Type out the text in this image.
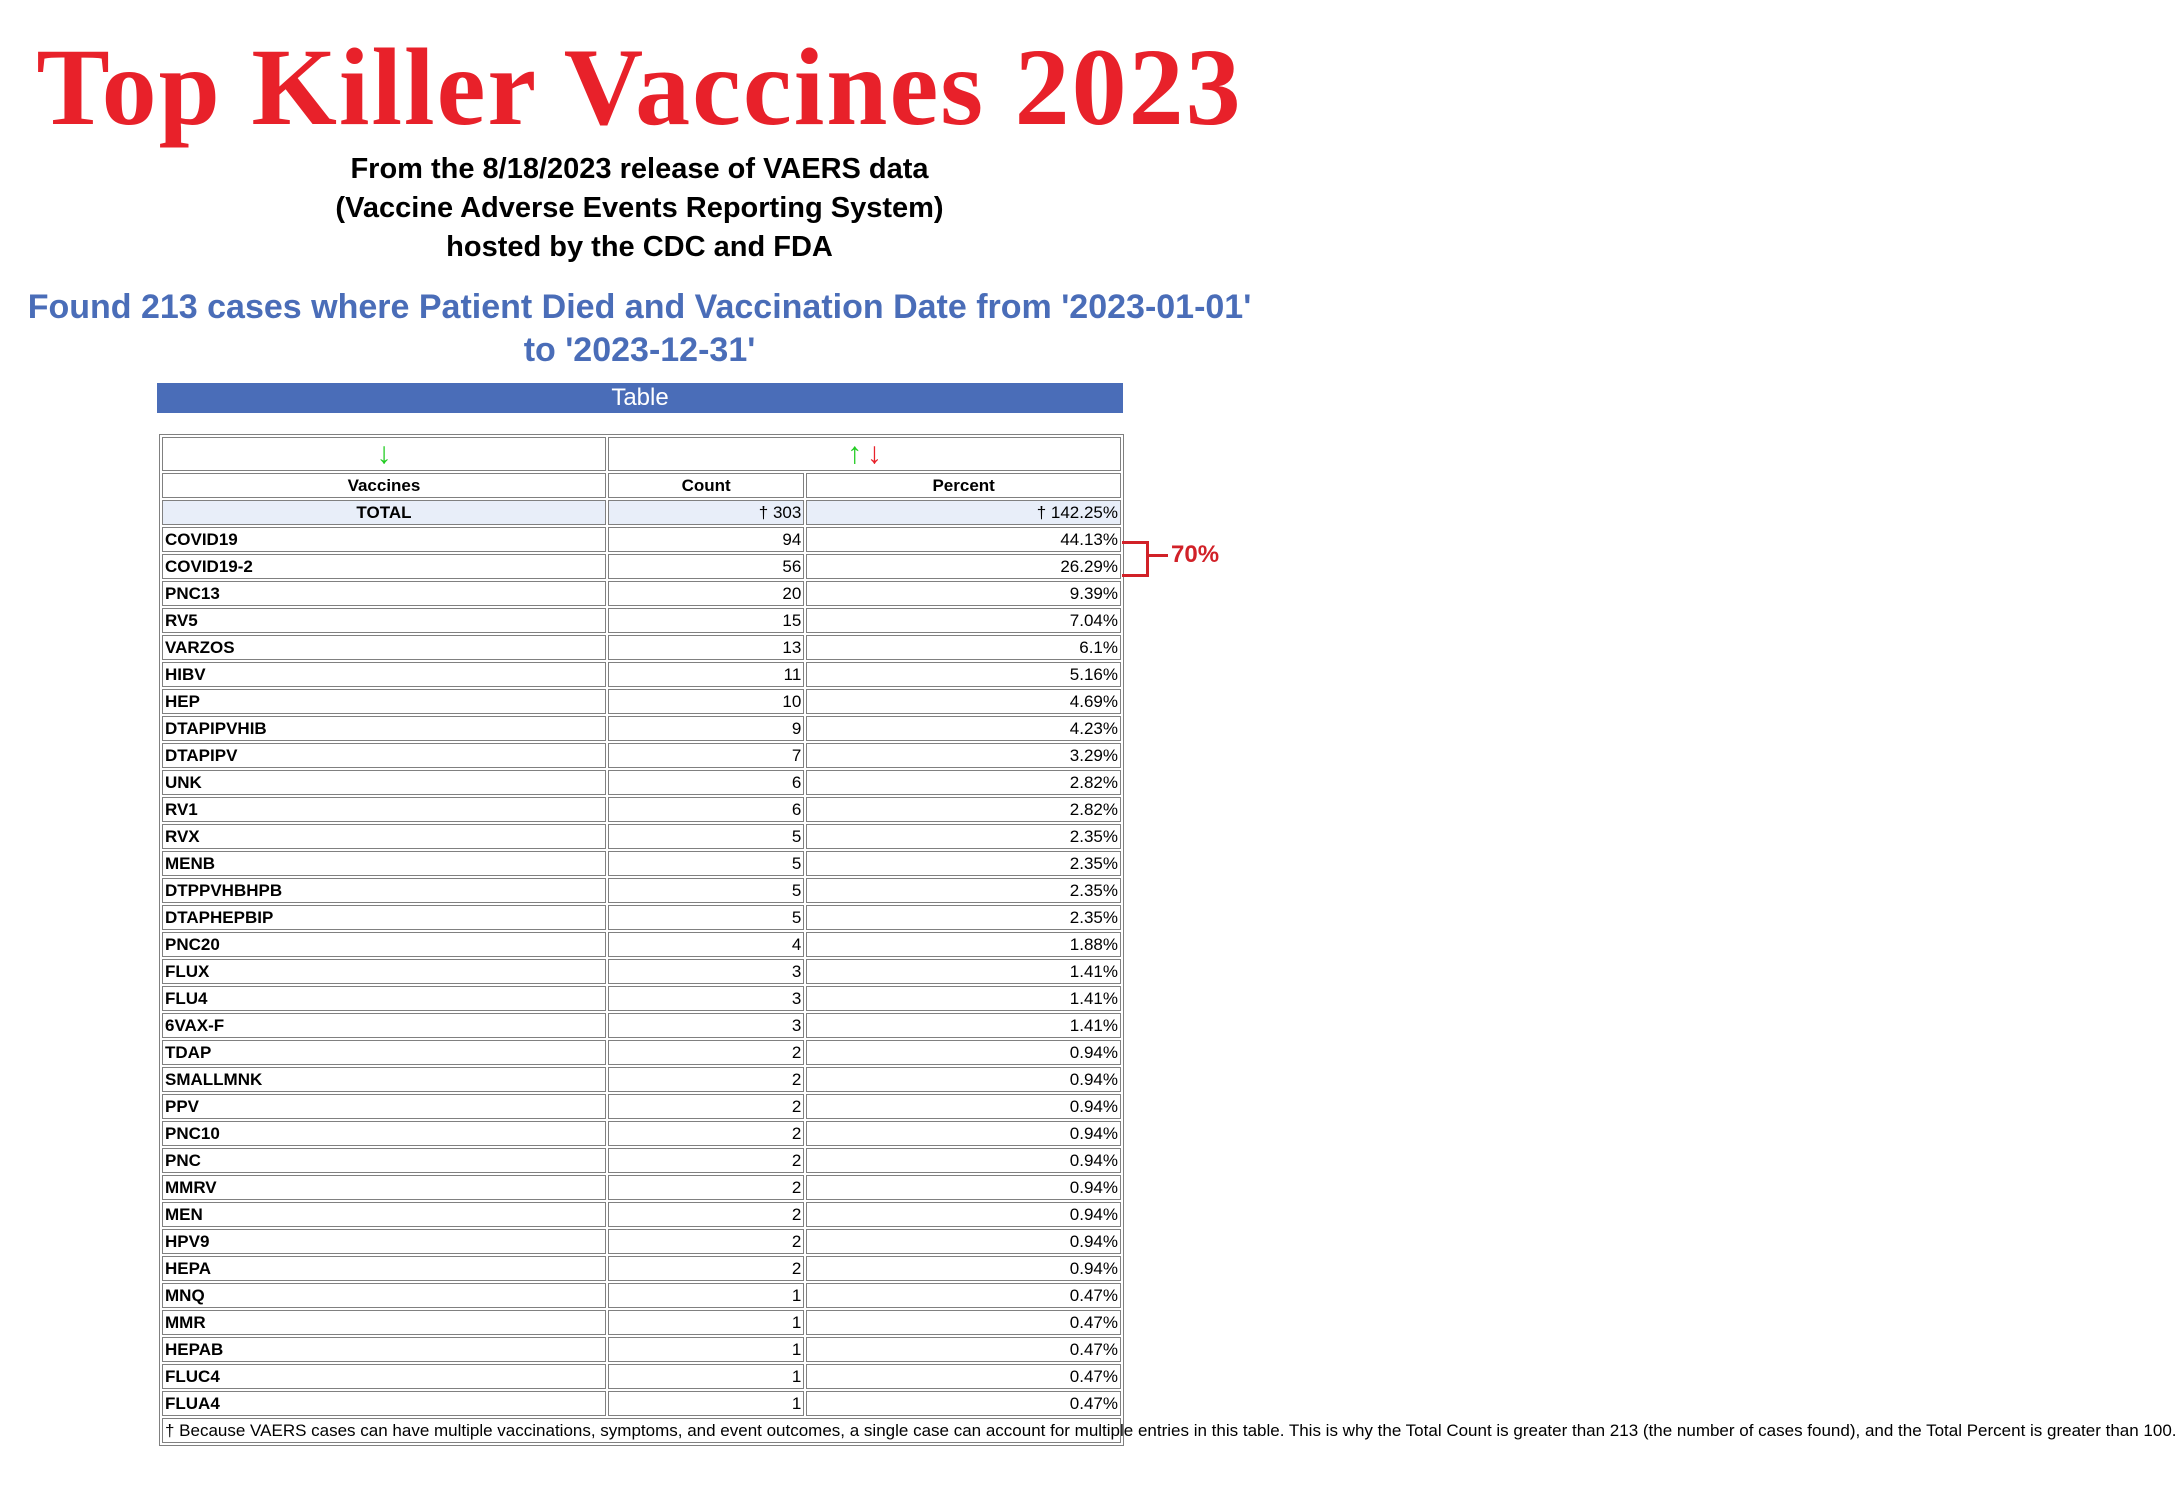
Top Killer Vaccines 2023
From the 8/18/2023 release of VAERS data
(Vaccine Adverse Events Reporting System)
hosted by the CDC and FDA
Found 213 cases where Patient Died and Vaccination Date from '2023-01-01' to '2023-12-31'
Table
↓	↑ ↓	
Vaccines	Count	Percent
TOTAL	† 303	† 142.25%
COVID19	94	44.13%
COVID19-2	56	26.29%
PNC13	20	9.39%
RV5	15	7.04%
VARZOS	13	6.1%
HIBV	11	5.16%
HEP	10	4.69%
DTAPIPVHIB	9	4.23%
DTAPIPV	7	3.29%
UNK	6	2.82%
RV1	6	2.82%
RVX	5	2.35%
MENB	5	2.35%
DTPPVHBHPB	5	2.35%
DTAPHEPBIP	5	2.35%
PNC20	4	1.88%
FLUX	3	1.41%
FLU4	3	1.41%
6VAX-F	3	1.41%
TDAP	2	0.94%
SMALLMNK	2	0.94%
PPV	2	0.94%
PNC10	2	0.94%
PNC	2	0.94%
MMRV	2	0.94%
MEN	2	0.94%
HPV9	2	0.94%
HEPA	2	0.94%
MNQ	1	0.47%
MMR	1	0.47%
HEPAB	1	0.47%
FLUC4	1	0.47%
FLUA4	1	0.47%
† Because VAERS cases can have multiple vaccinations, symptoms, and event outcomes, a single case can account for multiple entries in this table. This is why the Total Count is greater than 213 (the number of cases found), and the Total Percent is greater than 100.		
70%
